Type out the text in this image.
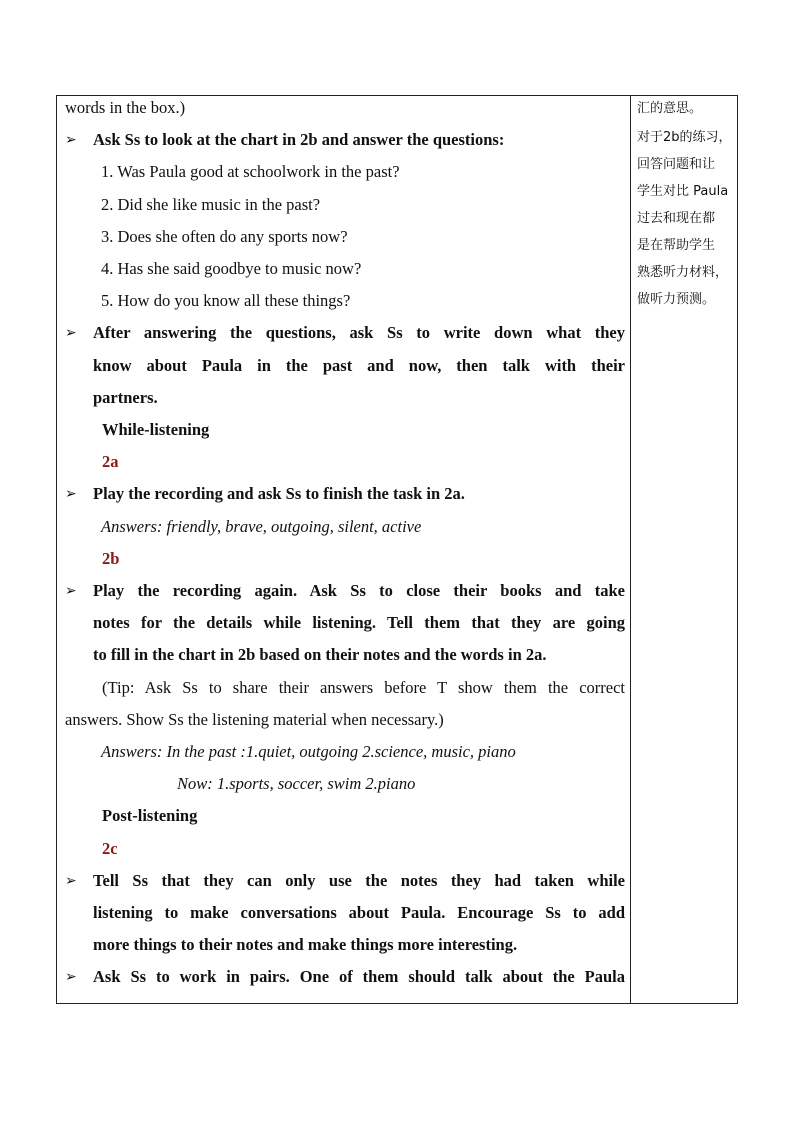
words in the box.)
➢ Ask Ss to look at the chart in 2b and answer the questions:
1. Was Paula good at schoolwork in the past?
2. Did she like music in the past?
3. Does she often do any sports now?
4. Has she said goodbye to music now?
5. How do you know all these things?
➢ After answering the questions, ask Ss to write down what they
know about Paula in the past and now, then talk with their
partners.
While-listening
2a
➢ Play the recording and ask Ss to finish the task in 2a.
Answers: friendly, brave, outgoing, silent, active
2b
➢ Play the recording again. Ask Ss to close their books and take
notes for the details while listening. Tell them that they are going
to fill in the chart in 2b based on their notes and the words in 2a.
(Tip: Ask Ss to share their answers before T show them the correct
answers. Show Ss the listening material when necessary.)
Answers: In the past :1.quiet, outgoing 2.science, music, piano
Now: 1.sports, soccer, swim 2.piano
Post-listening
2c
➢ Tell Ss that they can only use the notes they had taken while
listening to make conversations about Paula. Encourage Ss to add
more things to their notes and make things more interesting.
➢ Ask Ss to work in pairs. One of them should talk about the Paula
汇的意思。
对于2b的练习，
回答问题和让
学生对比 Paula
过去和现在都
是在帮助学生
熟悉听力材料，
做听力预测。
